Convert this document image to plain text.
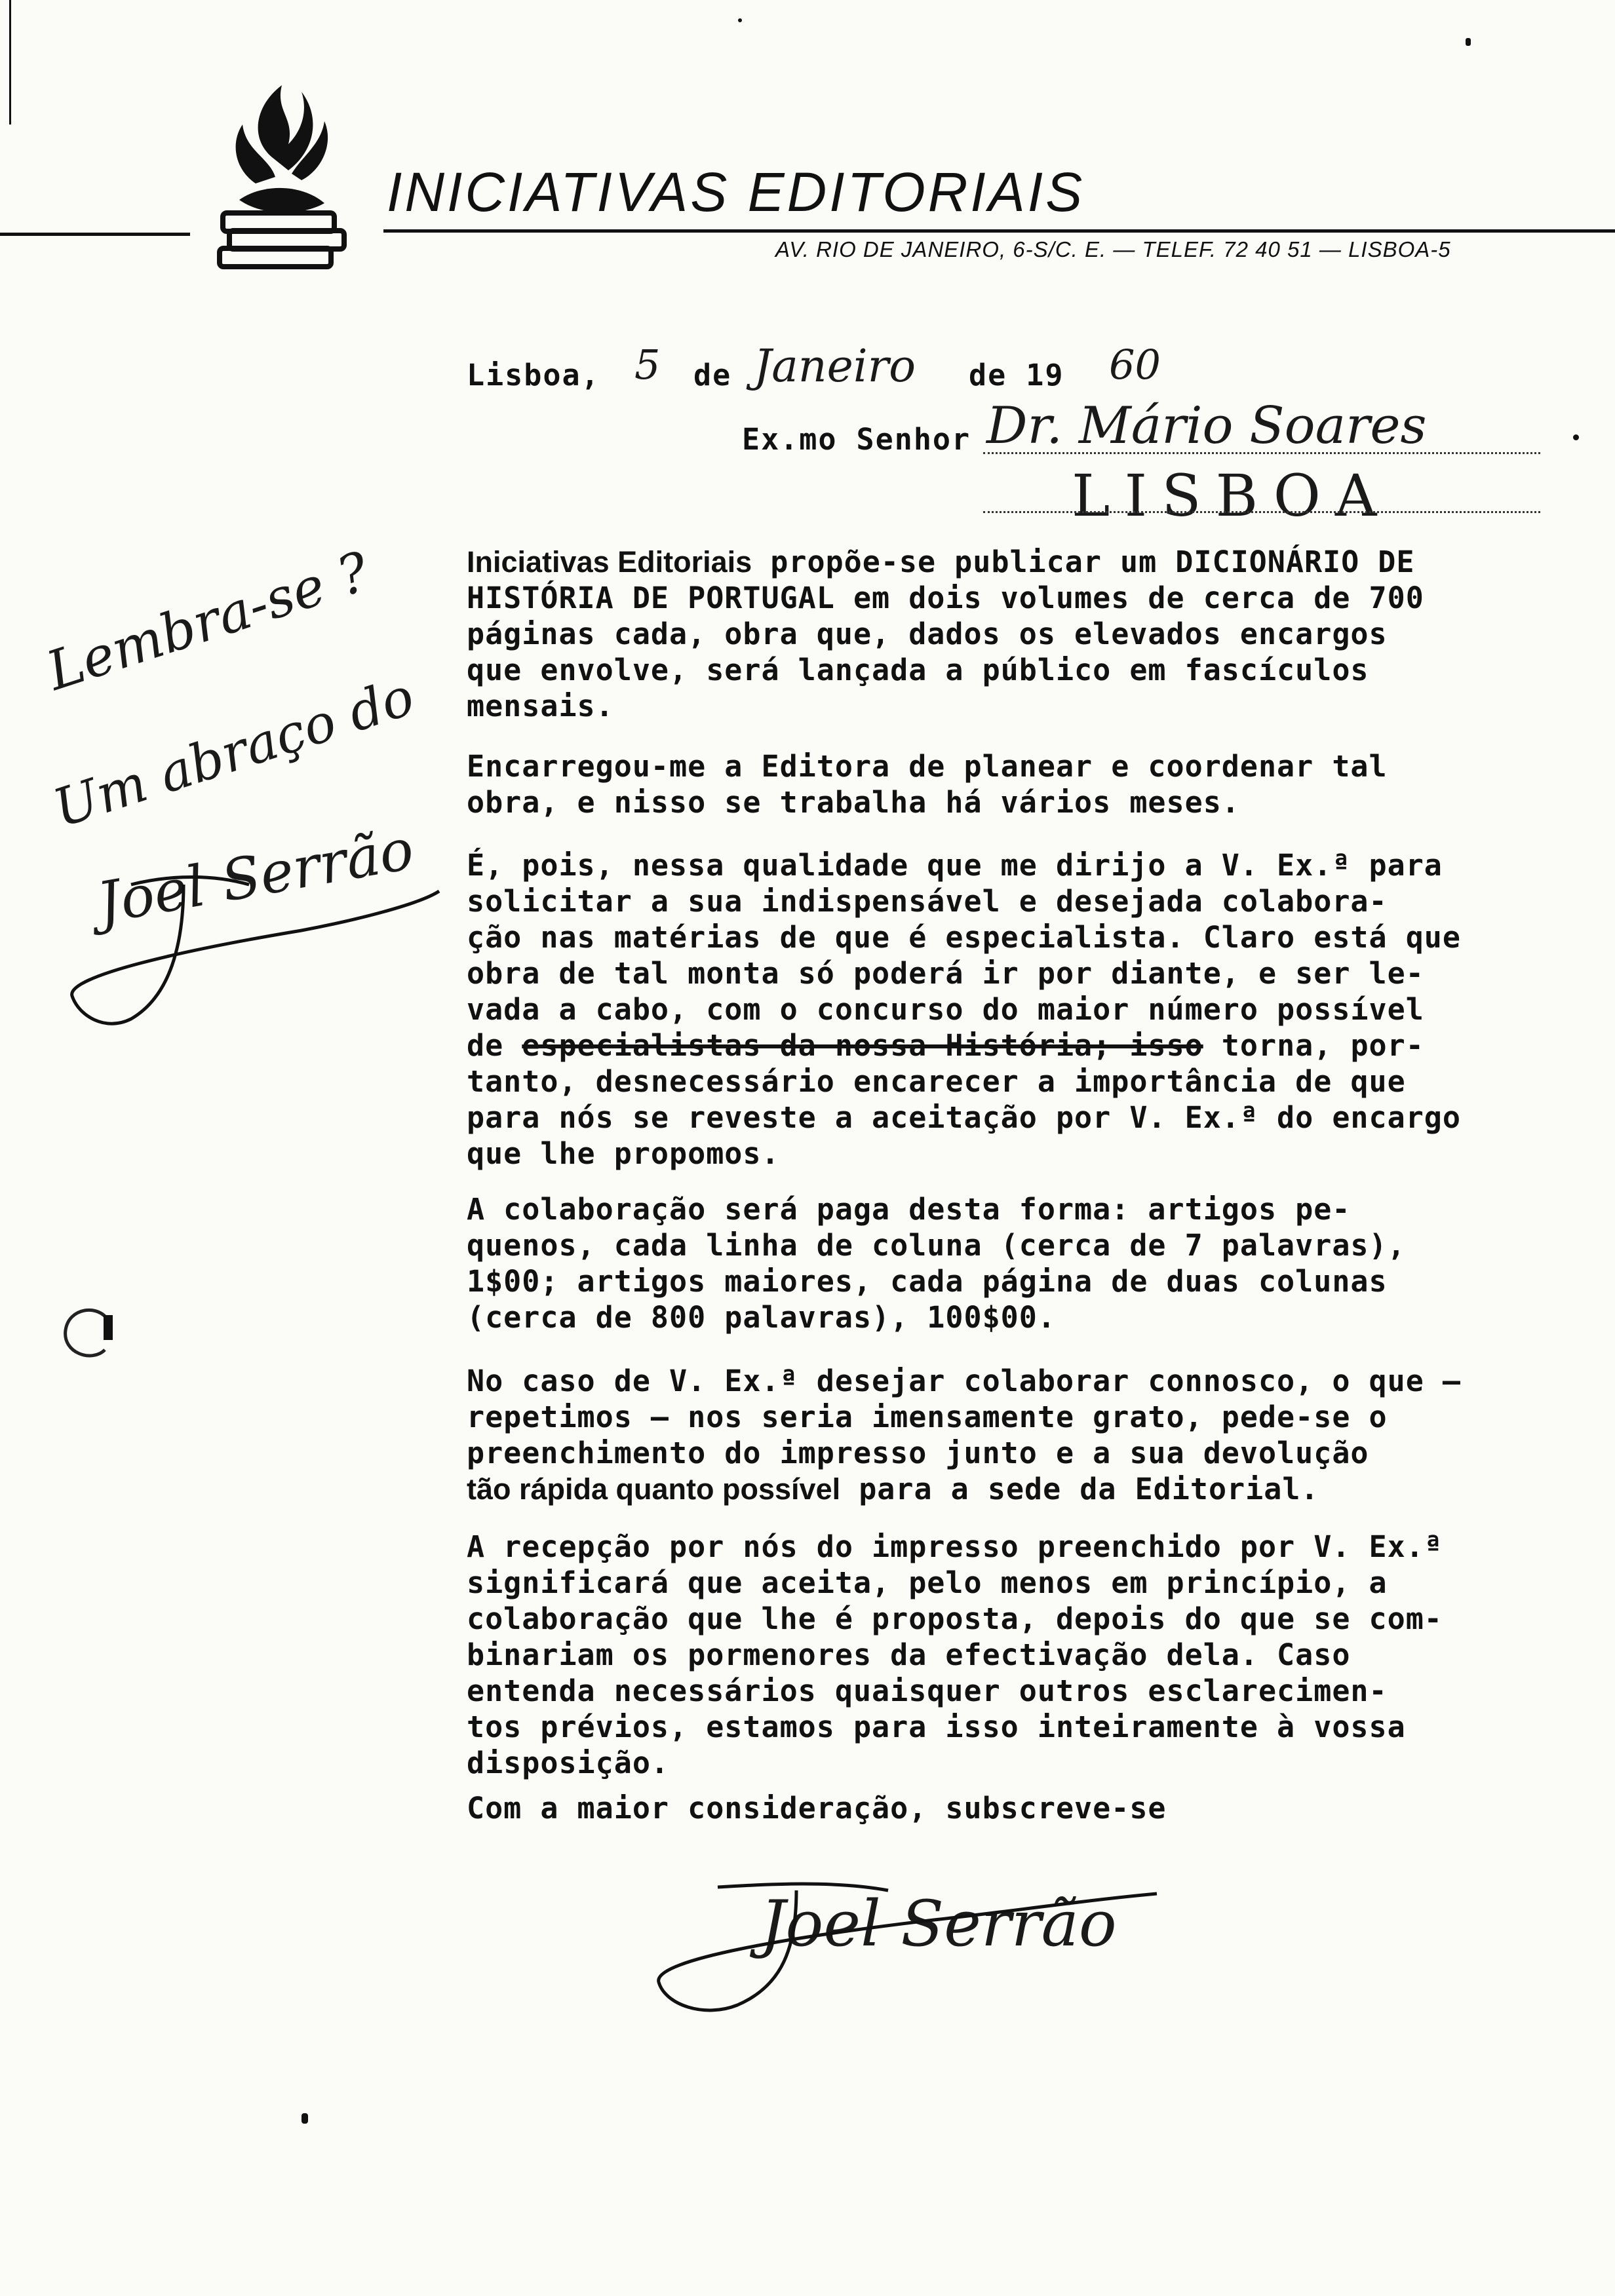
INICIATIVAS EDITORIAIS
AV. RIO DE JANEIRO, 6-S/C. E. — TELEF. 72 40 51 — LISBOA-5
Lisboa, 5 de Janeiro de 19 60
Ex.mo Senhor Dr. Mário Soares
LISBOA
Lembra-se ?
Um abraço do
Joel Serrão
Iniciativas Editoriais propõe-se publicar um DICIONÁRIO DE
HISTÓRIA DE PORTUGAL em dois volumes de cerca de 700
páginas cada, obra que, dados os elevados encargos
que envolve, será lançada a público em fascículos
mensais.
Encarregou-me a Editora de planear e coordenar tal
obra, e nisso se trabalha há vários meses.
É, pois, nessa qualidade que me dirijo a V. Ex.ª para
solicitar a sua indispensável e desejada colabora-
ção nas matérias de que é especialista. Claro está que
obra de tal monta só poderá ir por diante, e ser le-
vada a cabo, com o concurso do maior número possível
de especialistas da nossa História; isso torna, por-
tanto, desnecessário encarecer a importância de que
para nós se reveste a aceitação por V. Ex.ª do encargo
que lhe propomos.
A colaboração será paga desta forma: artigos pe-
quenos, cada linha de coluna (cerca de 7 palavras),
1$00; artigos maiores, cada página de duas colunas
(cerca de 800 palavras), 100$00.
No caso de V. Ex.ª desejar colaborar connosco, o que —
repetimos — nos seria imensamente grato, pede-se o
preenchimento do impresso junto e a sua devolução
tão rápida quanto possível para a sede da Editorial.
A recepção por nós do impresso preenchido por V. Ex.ª
significará que aceita, pelo menos em princípio, a
colaboração que lhe é proposta, depois do que se com-
binariam os pormenores da efectivação dela. Caso
entenda necessários quaisquer outros esclarecimen-
tos prévios, estamos para isso inteiramente à vossa
disposição.
Com a maior consideração, subscreve-se
Joel Serrão
